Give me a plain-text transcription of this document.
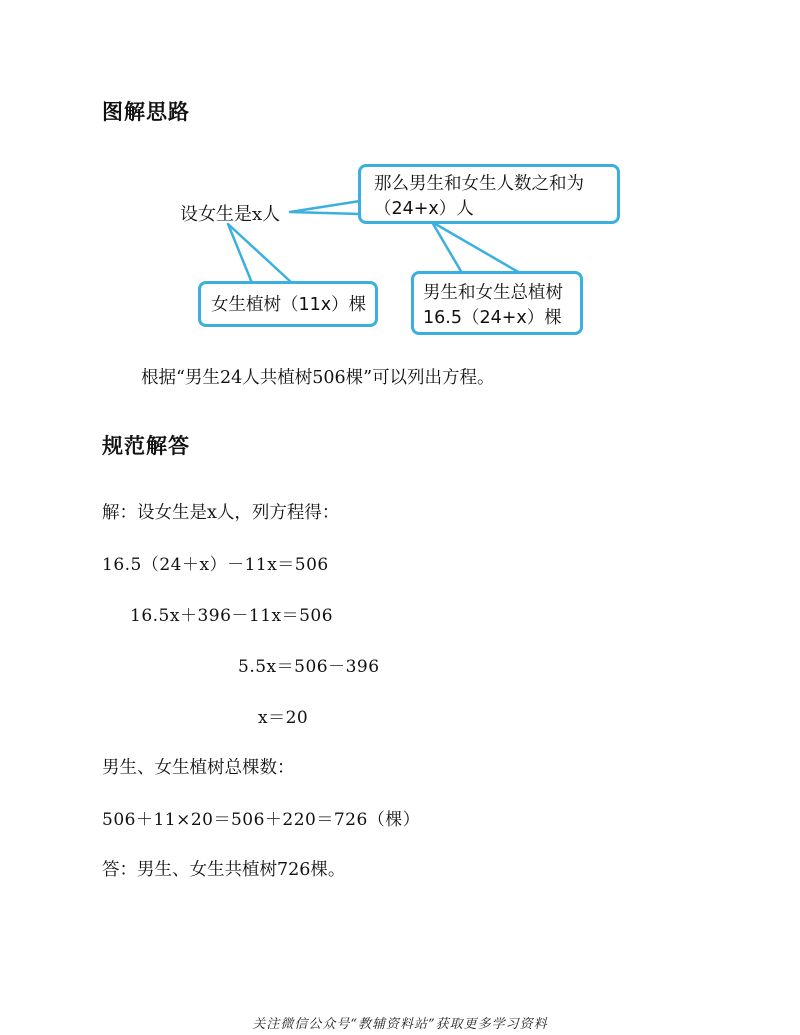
图解思路
设女生是x人
那么男生和女生人数之和为
（24+x）人
女生植树（11x）棵
男生和女生总植树
16.5（24+x）棵
根据“男生24人共植树506棵”可以列出方程。
规范解答
解：设女生是x人，列方程得：
16.5（24＋x）－11x＝506
16.5x＋396－11x＝506
5.5x＝506－396
x＝20
男生、女生植树总棵数：
506＋11×20＝506＋220＝726（棵）
答：男生、女生共植树726棵。
关注微信公众号“教辅资料站”获取更多学习资料
